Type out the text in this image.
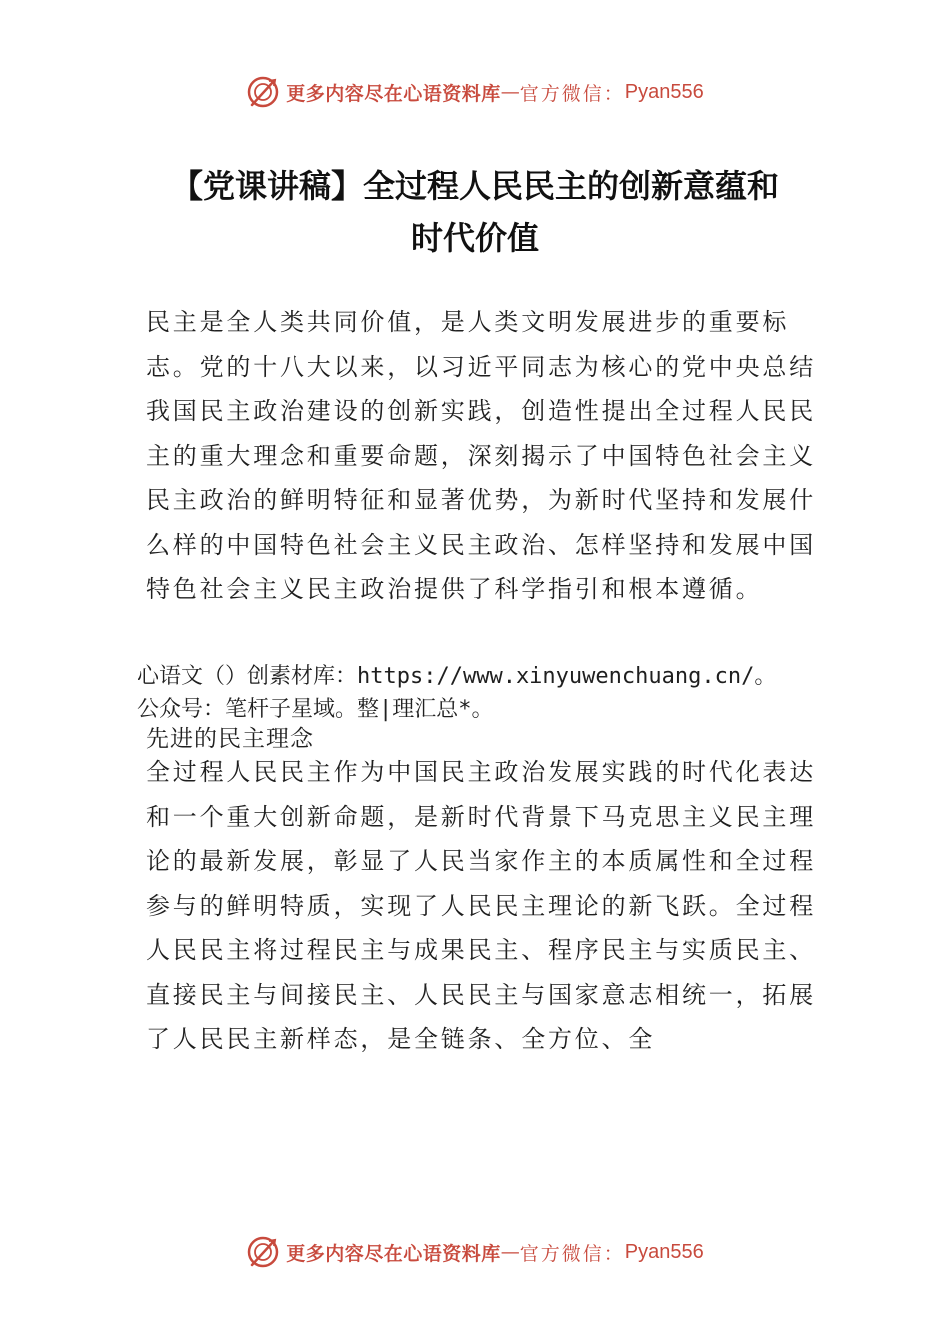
更多内容尽在心语资料库 — 官方微信： Pyan556
【党课讲稿】全过程人民民主的创新意蕴和
时代价值

民主是全人类共同价值，是人类文明发展进步的重要标志。党的十八大以来，以习近平同志为核心的党中央总结我国民主政治建设的创新实践，创造性提出全过程人民民主的重大理念和重要命题，深刻揭示了中国特色社会主义民主政治的鲜明特征和显著优势，为新时代坚持和发展什么样的中国特色社会主义民主政治、怎样坚持和发展中国特色社会主义民主政治提供了科学指引和根本遵循。

心语文（）创素材库：https://www.xinyuwenchuang.cn/。
公众号：笔杆子星域。整|理汇总*。
先进的民主理念

全过程人民民主作为中国民主政治发展实践的时代化表达和一个重大创新命题，是新时代背景下马克思主义民主理论的最新发展，彰显了人民当家作主的本质属性和全过程参与的鲜明特质，实现了人民民主理论的新飞跃。全过程人民民主将过程民主与成果民主、程序民主与实质民主、直接民主与间接民主、人民民主与国家意志相统一，拓展了人民民主新样态，是全链条、全方位、全

更多内容尽在心语资料库 — 官方微信： Pyan556
